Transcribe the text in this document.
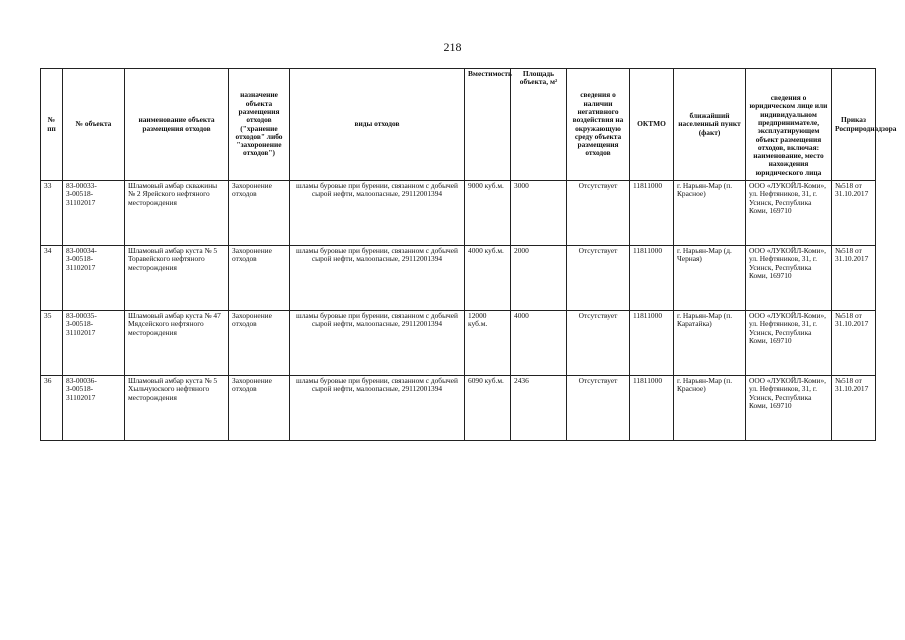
218
№ пп	№ объекта	наименование объекта размещения отходов	назначение объекта размещения отходов ("хранение отходов" либо "захоронение отходов")	виды отходов	Вместимость	Площадь объекта, м²	сведения о наличии негативного воздействия на окружающую среду объекта размещения отходов	ОКТМО	ближайший населенный пункт (факт)	сведения о юридическом лице или индивидуальном предпринимателе, эксплуатирующем объект размещения отходов, включая: наименование, место нахождения юридического лица	Приказ Росприроднадзора
33	83-00033-З-00518-31102017	Шламовый амбар скважины № 2 Ярейского нефтяного месторождения	Захоронение отходов	шламы буровые при бурении, связанном с добычей сырой нефти, малоопасные, 29112001394	9000 куб.м.	3000	Отсутствует	11811000	г. Нарьян-Мар (п. Красное)	ООО «ЛУКОЙЛ-Коми», ул. Нефтяников, 31, г. Усинск, Республика Коми, 169710	№518 от 31.10.2017
34	83-00034-З-00518-31102017	Шламовый амбар куста № 5 Торавейского нефтяного месторождения	Захоронение отходов	шламы буровые при бурении, связанном с добычей сырой нефти, малоопасные, 29112001394	4000 куб.м.	2000	Отсутствует	11811000	г. Нарьян-Мар (д. Черная)	ООО «ЛУКОЙЛ-Коми», ул. Нефтяников, 31, г. Усинск, Республика Коми, 169710	№518 от 31.10.2017
35	83-00035-З-00518-31102017	Шламовый амбар куста № 47 Мядсейского нефтяного месторождения	Захоронение отходов	шламы буровые при бурении, связанном с добычей сырой нефти, малоопасные, 29112001394	12000 куб.м.	4000	Отсутствует	11811000	г. Нарьян-Мар (п. Каратайка)	ООО «ЛУКОЙЛ-Коми», ул. Нефтяников, 31, г. Усинск, Республика Коми, 169710	№518 от 31.10.2017
36	83-00036-З-00518-31102017	Шламовый амбар куста № 5 Хыльчуюского нефтяного месторождения	Захоронение отходов	шламы буровые при бурении, связанном с добычей сырой нефти, малоопасные, 29112001394	6090 куб.м.	2436	Отсутствует	11811000	г. Нарьян-Мар (п. Красное)	ООО «ЛУКОЙЛ-Коми», ул. Нефтяников, 31, г. Усинск, Республика Коми, 169710	№518 от 31.10.2017
